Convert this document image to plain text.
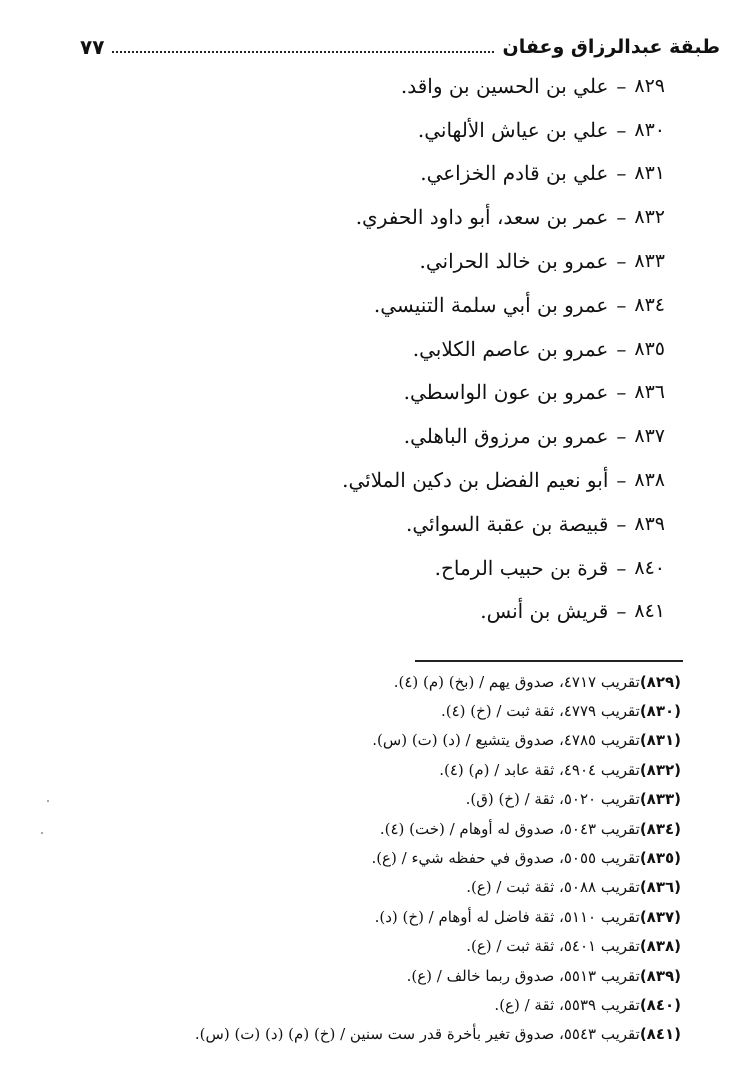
٧٧	طبقة عبدالرزاق وعفان
٨٢٩
–
علي بن الحسين بن واقد.
٨٣٠
–
علي بن عياش الألهاني.
٨٣١
–
علي بن قادم الخزاعي.
٨٣٢
–
عمر بن سعد، أبو داود الحفري.
٨٣٣
–
عمرو بن خالد الحراني.
٨٣٤
–
عمرو بن أبي سلمة التنيسي.
٨٣٥
–
عمرو بن عاصم الكلابي.
٨٣٦
–
عمرو بن عون الواسطي.
٨٣٧
–
عمرو بن مرزوق الباهلي.
٨٣٨
–
أبو نعيم الفضل بن دكين الملائي.
٨٣٩
–
قبيصة بن عقبة السوائي.
٨٤٠
–
قرة بن حبيب الرماح.
٨٤١
–
قريش بن أنس.
(٨٢٩)
تقريب ٤٧١٧، صدوق يهم / (بخ) (م) (٤).
(٨٣٠)
تقريب ٤٧٧٩، ثقة ثبت / (خ) (٤).
(٨٣١)
تقريب ٤٧٨٥، صدوق يتشيع / (د) (ت) (س).
(٨٣٢)
تقريب ٤٩٠٤، ثقة عابد / (م) (٤).
(٨٣٣)
تقريب ٥٠٢٠، ثقة / (خ) (ق).
(٨٣٤)
تقريب ٥٠٤٣، صدوق له أوهام / (خت) (٤).
(٨٣٥)
تقريب ٥٠٥٥، صدوق في حفظه شيء / (ع).
(٨٣٦)
تقريب ٥٠٨٨، ثقة ثبت / (ع).
(٨٣٧)
تقريب ٥١١٠، ثقة فاضل له أوهام / (خ) (د).
(٨٣٨)
تقريب ٥٤٠١، ثقة ثبت / (ع).
(٨٣٩)
تقريب ٥٥١٣، صدوق ربما خالف / (ع).
(٨٤٠)
تقريب ٥٥٣٩، ثقة / (ع).
(٨٤١)
تقريب ٥٥٤٣، صدوق تغير بأخرة قدر ست سنين / (خ) (م) (د) (ت) (س).
